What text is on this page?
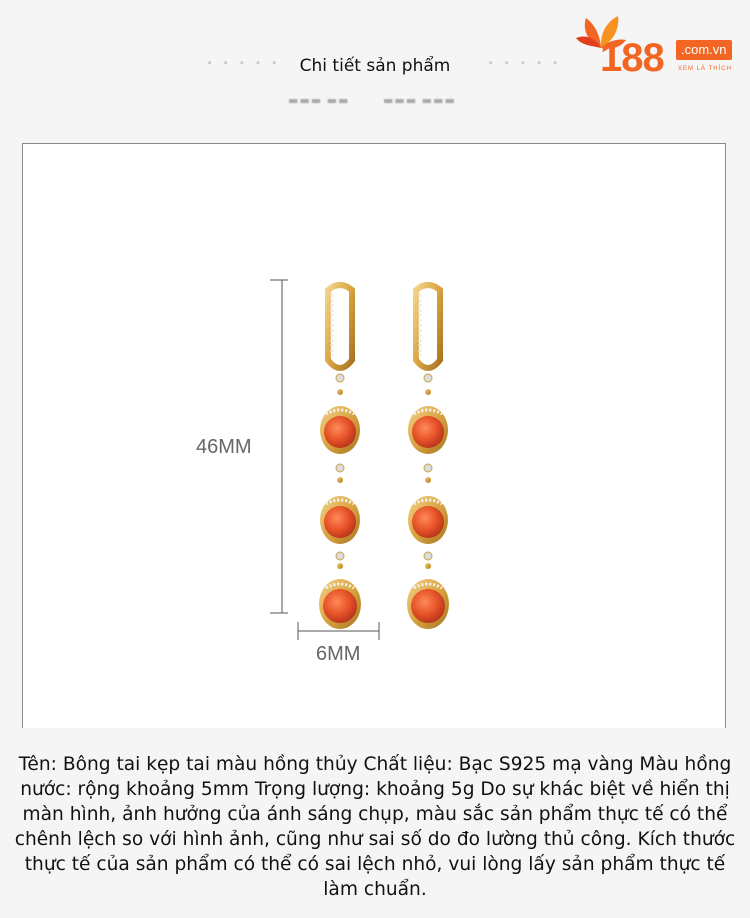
◦ ◦ ◦ ◦ ◦	Chi tiết sản phẩm	◦ ◦ ◦ ◦ ◦
▬▬▬ ▬▬	▬▬▬ ▬▬▬
188	.com.vn
XEM LÀ THÍCH
46MM
6MM
Tên: Bông tai kẹp tai màu hồng thủy Chất liệu: Bạc S925 mạ vàng Màu hồng nước: rộng khoảng 5mm Trọng lượng: khoảng 5g Do sự khác biệt về hiển thị màn hình, ảnh hưởng của ánh sáng chụp, màu sắc sản phẩm thực tế có thể chênh lệch so với hình ảnh, cũng như sai số do đo lường thủ công. Kích thước thực tế của sản phẩm có thể có sai lệch nhỏ, vui lòng lấy sản phẩm thực tế làm chuẩn.
